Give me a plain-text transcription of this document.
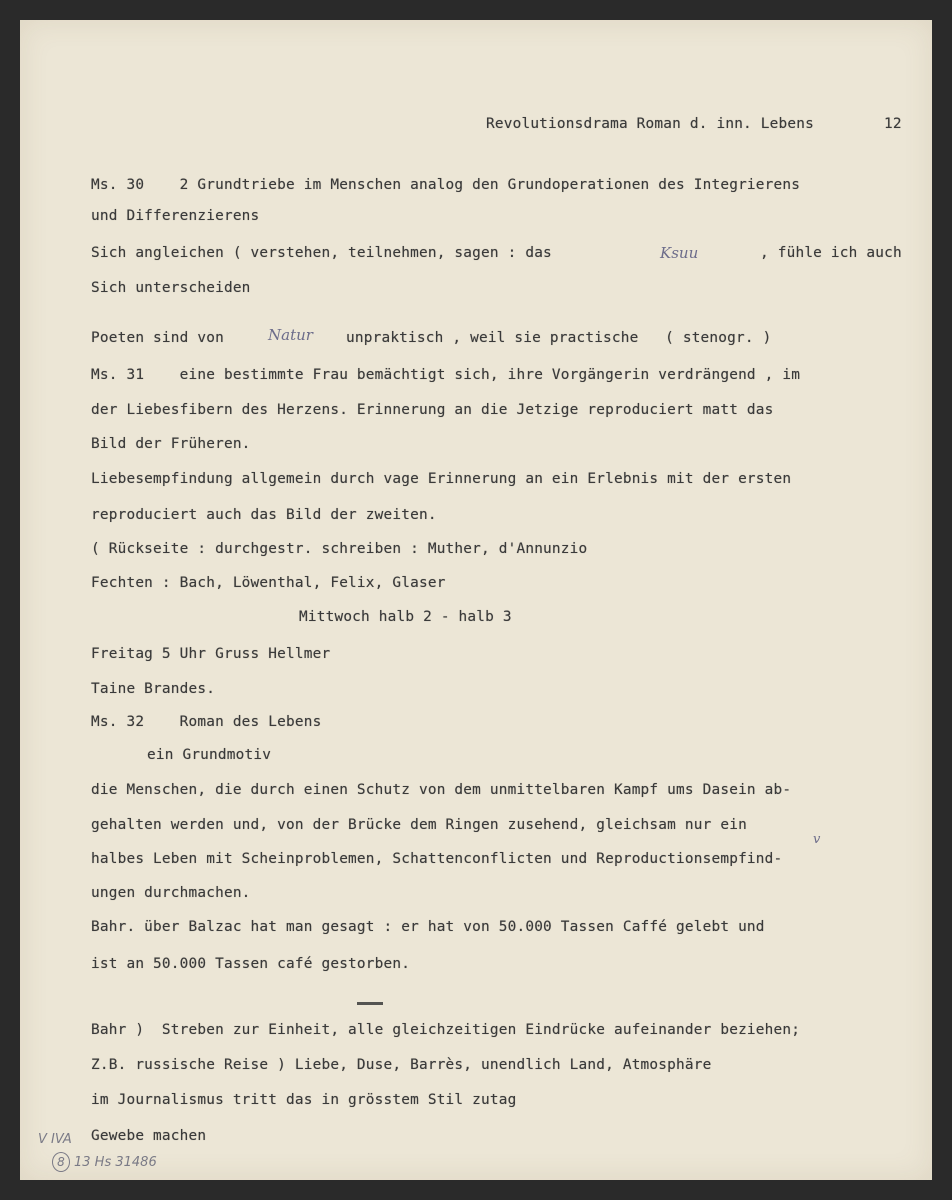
Revolutionsdrama Roman d. inn. Lebens	12
Ms. 30    2 Grundtriebe im Menschen analog den Grundoperationen des Integrierens
und Differenzierens
Sich angleichen ( verstehen, teilnehmen, sagen : das	Ksuu	, fühle ich auch
Sich unterscheiden
Poeten sind von	Natur unpraktisch , weil sie practische   ( stenogr. )
Ms. 31    eine bestimmte Frau bemächtigt sich, ihre Vorgängerin verdrängend , im
der Liebesfibern des Herzens. Erinnerung an die Jetzige reproduciert matt das
Bild der Früheren.
Liebesempfindung allgemein durch vage Erinnerung an ein Erlebnis mit der ersten
reproduciert auch das Bild der zweiten.
( Rückseite : durchgestr. schreiben : Muther, d'Annunzio
Fechten : Bach, Löwenthal, Felix, Glaser
Mittwoch halb 2 - halb 3
Freitag 5 Uhr Gruss Hellmer
Taine Brandes.
Ms. 32    Roman des Lebens
ein Grundmotiv
die Menschen, die durch einen Schutz von dem unmittelbaren Kampf ums Dasein ab-
gehalten werden und, von der Brücke dem Ringen zusehend, gleichsam nur ein
v
halbes Leben mit Scheinproblemen, Schattenconflicten und Reproductionsempfind-
ungen durchmachen.
Bahr. über Balzac hat man gesagt : er hat von 50.000 Tassen Caffé gelebt und
ist an 50.000 Tassen café gestorben.
Bahr )  Streben zur Einheit, alle gleichzeitigen Eindrücke aufeinander beziehen;
Z.B. russische Reise ) Liebe, Duse, Barrès, unendlich Land, Atmosphäre
im Journalismus tritt das in grösstem Stil zutag
Gewebe machen
V IVA
8 13 Hs 31486
